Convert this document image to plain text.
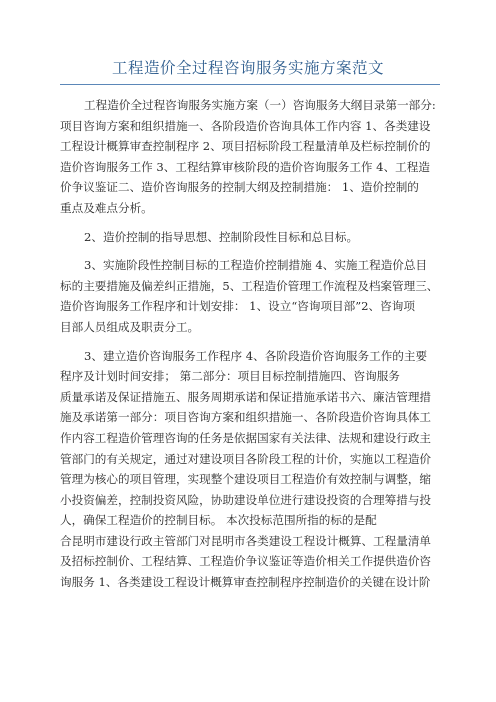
工程造价全过程咨询服务实施方案范文
工程造价全过程咨询服务实施方案（一）咨询服务大纲目录第一部分:
项目咨询方案和组织措施一、各阶段造价咨询具体工作内容 1、各类建设
工程设计概算审查控制程序 2、项目招标阶段工程量清单及栏标控制价的
造价咨询服务工作 3、工程结算审核阶段的造价咨询服务工作 4、工程造
价争议鉴证二、造价咨询服务的控制大纲及控制措施： 1、造价控制的
重点及难点分析。
2、造价控制的指导思想、控制阶段性目标和总目标。
3、实施阶段性控制目标的工程造价控制措施 4、实施工程造价总目
标的主要措施及偏差纠正措施，5、工程造价管理工作流程及档案管理三、
造价咨询服务工作程序和计划安排： 1、设立“咨询项目部”2、咨询项
目部人员组成及职责分工。
3、建立造价咨询服务工作程序 4、各阶段造价咨询服务工作的主要
程序及计划时间安排； 第二部分：项目目标控制措施四、咨询服务
质量承诺及保证措施五、服务周期承诺和保证措施承诺书六、廉洁管理措
施及承诺第一部分：项目咨询方案和组织措施一、各阶段造价咨询具体工
作内容工程造价管理咨询的任务是依据国家有关法律、法规和建设行政主
管部门的有关规定，通过对建设项目各阶段工程的计价，实施以工程造价
管理为核心的项目管理，实现整个建设项目工程造价有效控制与调整，缩
小投资偏差，控制投资风险，协助建设单位进行建设投资的合理筹措与投
人，确保工程造价的控制目标。 本次投标范围所指的标的是配
合昆明市建设行政主管部门对昆明市各类建设工程设计概算、工程量清单
及招标控制价、工程结算、工程造价争议鉴证等造价相关工作提供造价咨
询服务 1、各类建设工程设计概算审查控制程序控制造价的关键在设计阶
